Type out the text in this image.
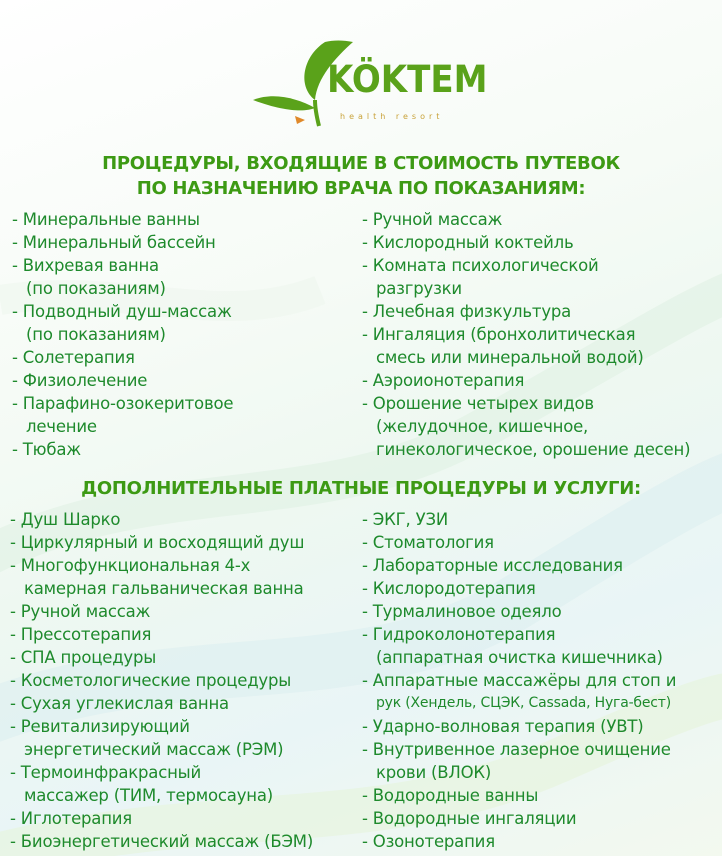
KÖKTEM
health resort
ПРОЦЕДУРЫ, ВХОДЯЩИЕ В СТОИМОСТЬ ПУТЕВОК
ПО НАЗНАЧЕНИЮ ВРАЧА ПО ПОКАЗАНИЯМ:
- Минеральные ванны
- Минеральный бассейн
- Вихревая ванна
(по показаниям)
- Подводный душ-массаж
(по показаниям)
- Солетерапия
- Физиолечение
- Парафино-озокеритовое
лечение
- Тюбаж
- Ручной массаж
- Кислородный коктейль
- Комната психологической
разгрузки
- Лечебная физкультура
- Ингаляция (бронхолитическая
смесь или минеральной водой)
- Аэроионотерапия
- Орошение четырех видов
(желудочное, кишечное,
гинекологическое, орошение десен)
ДОПОЛНИТЕЛЬНЫЕ ПЛАТНЫЕ ПРОЦЕДУРЫ И УСЛУГИ:
- Душ Шарко
- Циркулярный и восходящий душ
- Многофункциональная 4-х
камерная гальваническая ванна
- Ручной массаж
- Прессотерапия
- СПА процедуры
- Косметологические процедуры
- Сухая углекислая ванна
- Ревитализирующий
энергетический массаж (РЭМ)
- Термоинфракрасный
массажер (ТИМ, термосауна)
- Иглотерапия
- Биоэнергетический массаж (БЭМ)
- ЭКГ, УЗИ
- Стоматология
- Лабораторные исследования
- Кислородотерапия
- Турмалиновое одеяло
- Гидроколонотерапия
(аппаратная очистка кишечника)
- Аппаратные массажёры для стоп и
рук (Хендель, СЦЭК, Cassada, Нуга-бест)
- Ударно-волновая терапия (УВТ)
- Внутривенное лазерное очищение
крови (ВЛОК)
- Водородные ванны
- Водородные ингаляции
- Озонотерапия
